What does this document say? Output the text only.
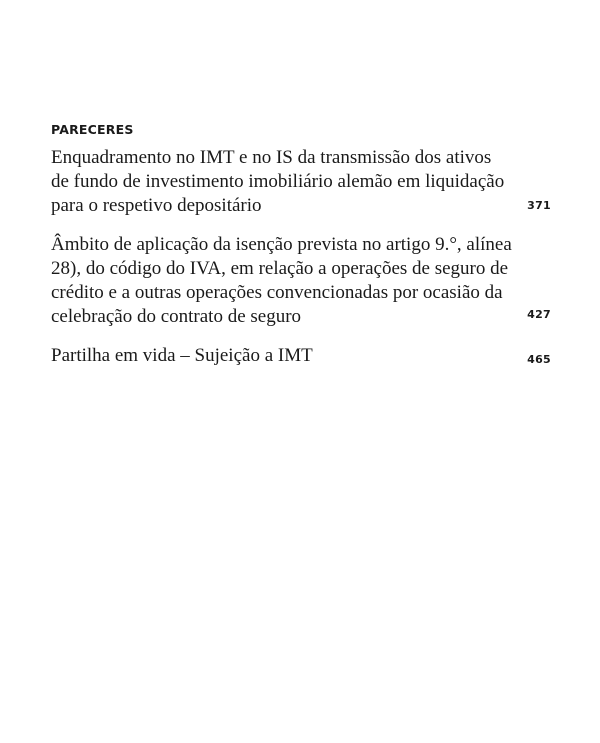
PARECERES
Enquadramento no IMT e no IS da transmissão dos ativos
de fundo de investimento imobiliário alemão em liquidação
para o respetivo depositário	371
Âmbito de aplicação da isenção prevista no artigo 9.°, alínea
28), do código do IVA, em relação a operações de seguro de
crédito e a outras operações convencionadas por ocasião da
celebração do contrato de seguro	427
Partilha em vida – Sujeição a IMT	465
